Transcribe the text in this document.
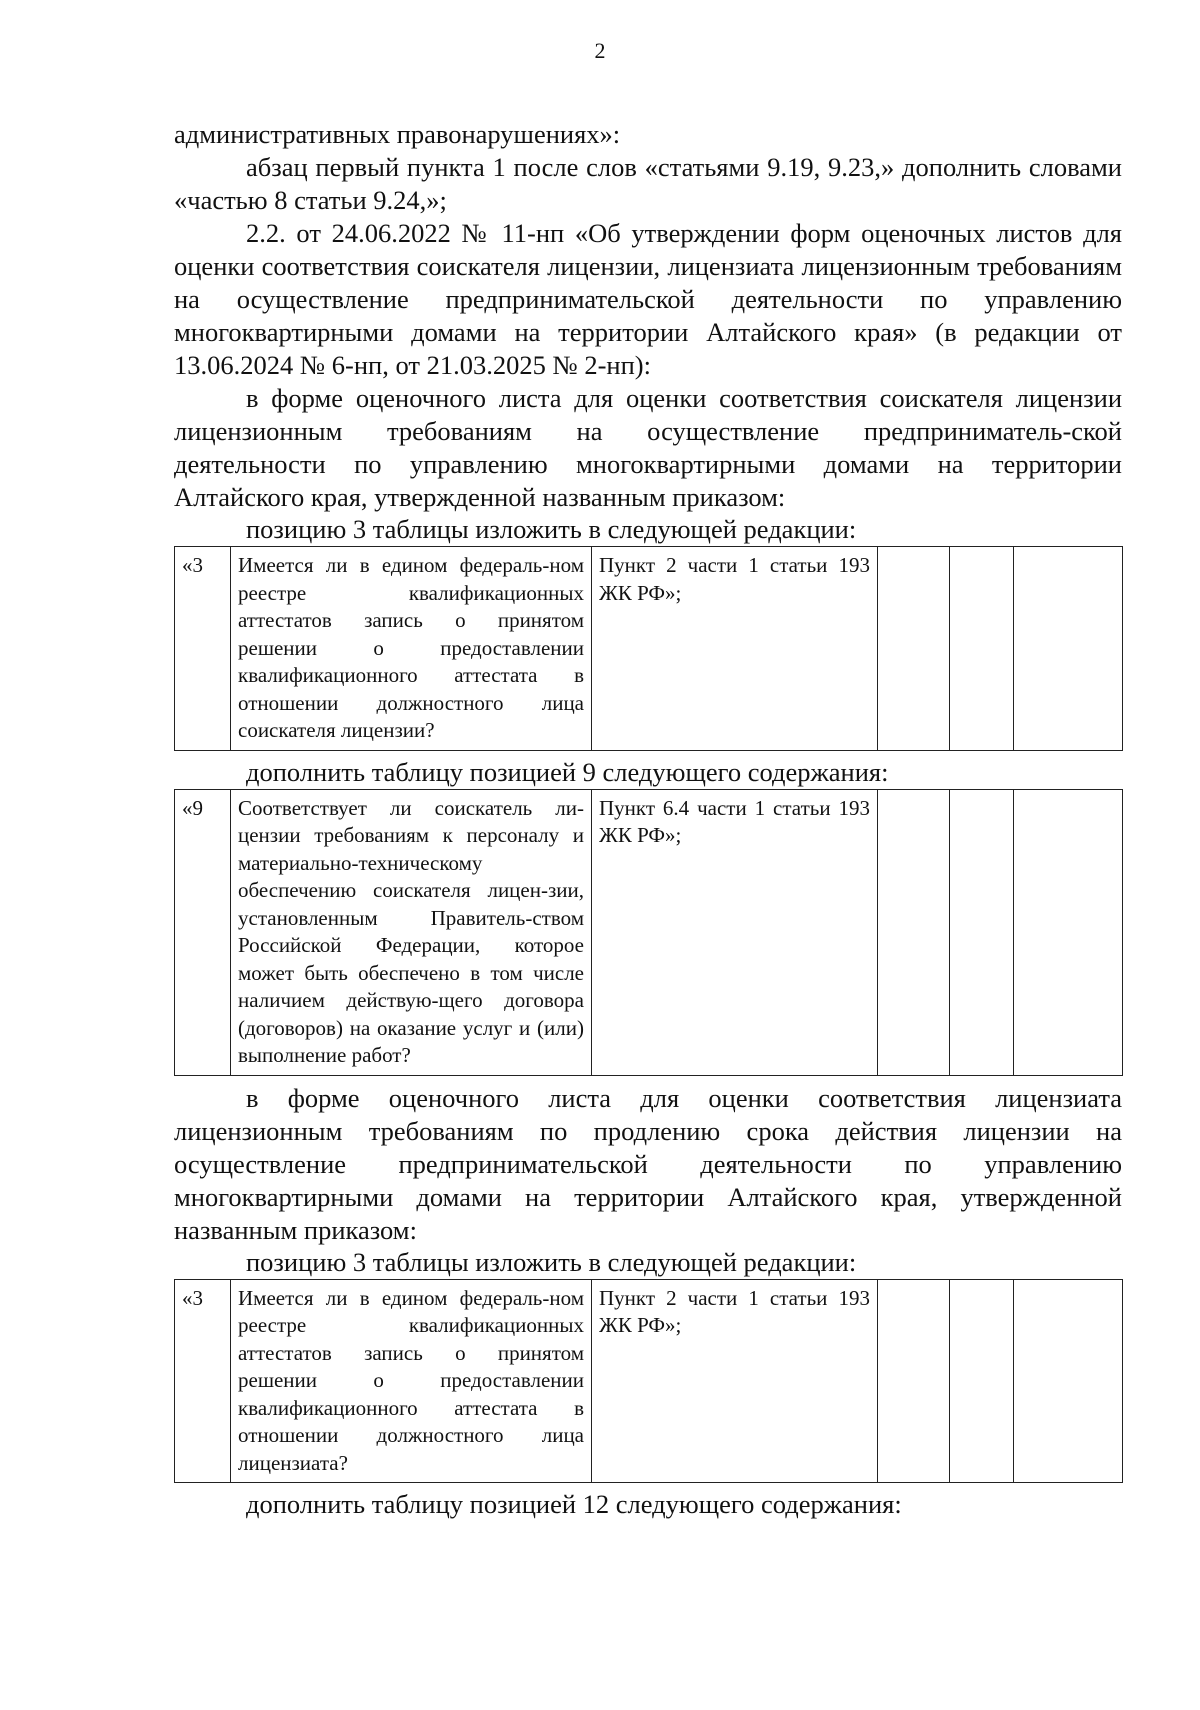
2

административных правонарушениях»:

абзац первый пункта 1 после слов «статьями 9.19, 9.23,» дополнить словами «частью 8 статьи 9.24,»;

2.2. от 24.06.2022 № 11-нп «Об утверждении форм оценочных листов для оценки соответствия соискателя лицензии, лицензиата лицензионным требованиям на осуществление предпринимательской деятельности по управлению многоквартирными домами на территории Алтайского края» (в редакции от 13.06.2024 № 6-нп, от 21.03.2025 № 2-нп):

в форме оценочного листа для оценки соответствия соискателя лицензии лицензионным требованиям на осуществление предприниматель-ской деятельности по управлению многоквартирными домами на территории Алтайского края, утвержденной названным приказом:

позицию 3 таблицы изложить в следующей редакции:

«3	Имеется ли в едином федераль-ном реестре квалификационных аттестатов запись о принятом решении о предоставлении квалификационного аттестата в отношении должностного лица соискателя лицензии?	Пункт 2 части 1 статьи 193 ЖК РФ»;			

дополнить таблицу позицией 9 следующего содержания:

«9	Соответствует ли соискатель ли-цензии требованиям к персоналу и материально-техническому обеспечению соискателя лицен-зии, установленным Правитель-ством Российской Федерации, которое может быть обеспечено в том числе наличием действую-щего договора (договоров) на оказание услуг и (или) выполнение работ?	Пункт 6.4 части 1 статьи 193 ЖК РФ»;			

в форме оценочного листа для оценки соответствия лицензиата лицензионным требованиям по продлению срока действия лицензии на осуществление предпринимательской деятельности по управлению многоквартирными домами на территории Алтайского края, утвержденной названным приказом:

позицию 3 таблицы изложить в следующей редакции:

«3	Имеется ли в едином федераль-ном реестре квалификационных аттестатов запись о принятом решении о предоставлении квалификационного аттестата в отношении должностного лица лицензиата?	Пункт 2 части 1 статьи 193 ЖК РФ»;			

дополнить таблицу позицией 12 следующего содержания:
